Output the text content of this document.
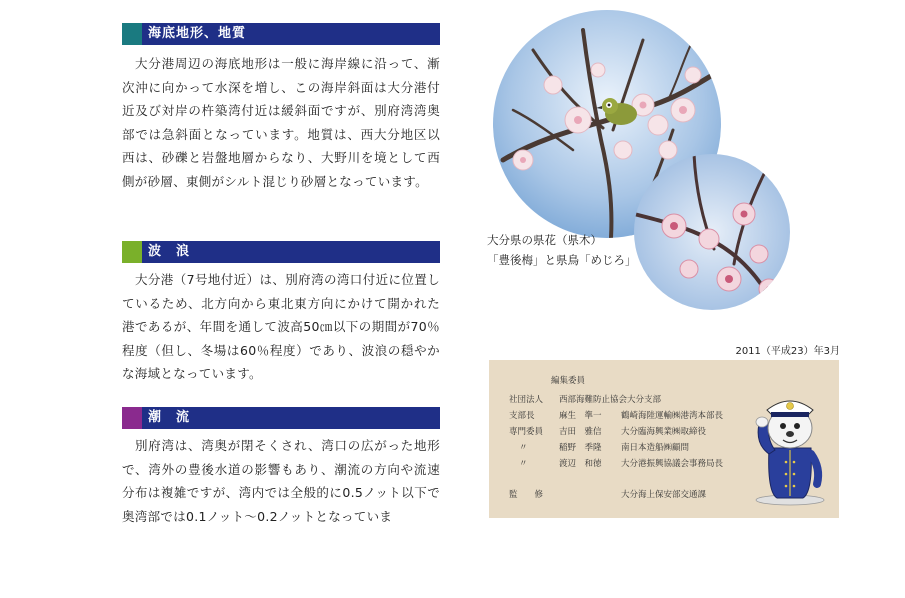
海底地形、地質

大分港周辺の海底地形は一般に海岸線に沿って、漸次沖に向かって水深を増し、この海岸斜面は大分港付近及び対岸の杵築湾付近は緩斜面ですが、別府湾湾奥部では急斜面となっています。地質は、西大分地区以西は、砂礫と岩盤地層からなり、大野川を境として西側が砂層、東側がシルト混じり砂層となっています。

波　浪

大分港（7号地付近）は、別府湾の湾口付近に位置しているため、北方向から東北東方向にかけて開かれた港であるが、年間を通して波高50㎝以下の期間が70％程度（但し、冬場は60％程度）であり、波浪の穏やかな海域となっています。

潮　流

別府湾は、湾奥が閉そくされ、湾口の広がった地形で、湾外の豊後水道の影響もあり、潮流の方向や流速分布は複雑ですが、湾内では全般的に0.5ノット以下で奥湾部では0.1ノット～0.2ノットとなっていま

大分県の県花（県木）
「豊後梅」と県鳥「めじろ」
2011（平成23）年3月
編集委員
社団法人	西部海難防止協会大分支部
支部長	麻生　準一	鶴崎海陸運輸㈱港湾本部長
専門委員	吉田　雅信	大分臨海興業㈱取締役
〃	稲野　季隆	南日本造船㈱顧問
〃	渡辺　和徳	大分港振興協議会事務局長
監　　修	大分海上保安部交通課
